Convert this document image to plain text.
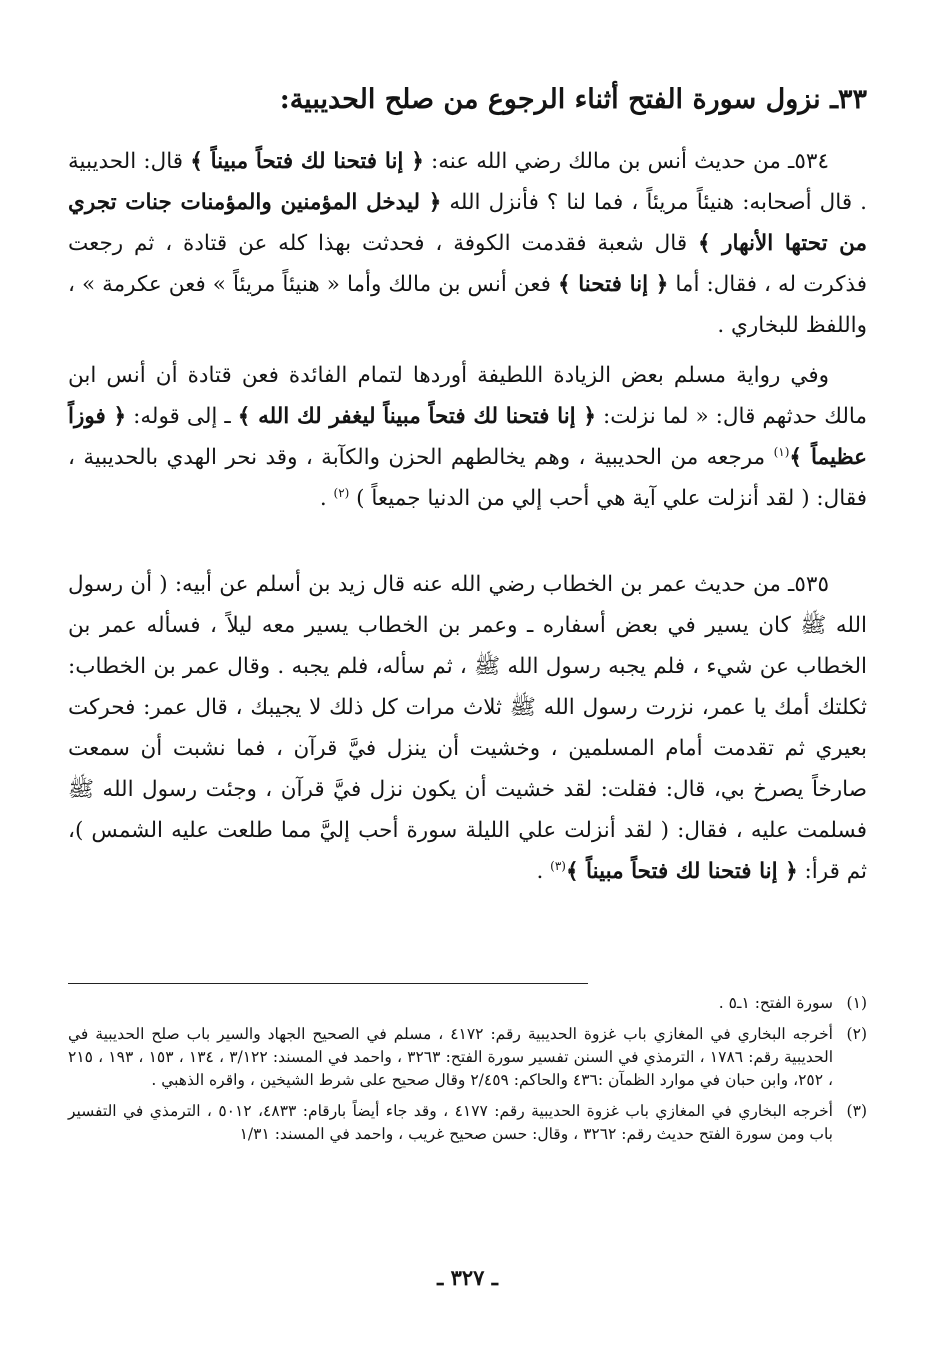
٣٣ـ نزول سورة الفتح أثناء الرجوع من صلح الحديبية:

٥٣٤ـ من حديث أنس بن مالك رضي الله عنه: ﴿ إنا فتحنا لك فتحاً مبيناً ﴾ قال: الحديبية . قال أصحابه: هنيئاً مريئاً ، فما لنا ؟ فأنزل الله ﴿ ليدخل المؤمنين والمؤمنات جنات تجري من تحتها الأنهار ﴾ قال شعبة فقدمت الكوفة ، فحدثت بهذا كله عن قتادة ، ثم رجعت فذكرت له ، فقال: أما ﴿ إنا فتحنا ﴾ فعن أنس بن مالك وأما « هنيئاً مريئاً » فعن عكرمة » ، واللفظ للبخاري .

وفي رواية مسلم بعض الزيادة اللطيفة أوردها لتمام الفائدة فعن قتادة أن أنس ابن مالك حدثهم قال: « لما نزلت: ﴿ إنا فتحنا لك فتحاً مبيناً ليغفر لك الله ﴾ ـ إلى قوله: ﴿ فوزاً عظيماً ﴾$^{(١)}$ مرجعه من الحديبية ، وهم يخالطهم الحزن والكآبة ، وقد نحر الهدي بالحديبية ، فقال: ( لقد أنزلت علي آية هي أحب إلي من الدنيا جميعاً ) $^{(٢)}$ .

٥٣٥ـ من حديث عمر بن الخطاب رضي الله عنه قال زيد بن أسلم عن أبيه: ( أن رسول الله ﷺ كان يسير في بعض أسفاره ـ وعمر بن الخطاب يسير معه ليلاً ، فسأله عمر بن الخطاب عن شيء ، فلم يجبه رسول الله ﷺ ، ثم سأله، فلم يجبه . وقال عمر بن الخطاب: ثكلتك أمك يا عمر، نزرت رسول الله ﷺ ثلاث مرات كل ذلك لا يجيبك ، قال عمر: فحركت بعيري ثم تقدمت أمام المسلمين ، وخشيت أن ينزل فيَّ قرآن ، فما نشبت أن سمعت صارخاً يصرخ بي، قال: فقلت: لقد خشيت أن يكون نزل فيَّ قرآن ، وجئت رسول الله ﷺ فسلمت عليه ، فقال: ( لقد أنزلت علي الليلة سورة أحب إليَّ مما طلعت عليه الشمس )، ثم قرأ: ﴿ إنا فتحنا لك فتحاً مبيناً ﴾$^{(٣)}$ .

(١)
سورة الفتح: ١ـ٥ .
(٢)
أخرجه البخاري في المغازي باب غزوة الحديبية رقم: ٤١٧٢ ، مسلم في الصحيح الجهاد والسير باب صلح الحديبية في الحديبية رقم: ١٧٨٦ ، الترمذي في السنن تفسير سورة الفتح: ٣٢٦٣ ، واحمد في المسند: ٣/١٢٢ ، ١٣٤ ، ١٥٣ ، ١٩٣ ، ٢١٥ ، ٢٥٢، وابن حبان في موارد الظمآن :٤٣٦ والحاكم: ٢/٤٥٩ وقال صحيح على شرط الشيخين ، واقره الذهبي .
(٣)
أخرجه البخاري في المغازي باب غزوة الحديبية رقم: ٤١٧٧ ، وقد جاء أيضاً بارقام: ٤٨٣٣، ٥٠١٢ ، الترمذي في التفسير باب ومن سورة الفتح حديث رقم: ٣٢٦٢ ، وقال: حسن صحيح غريب ، واحمد في المسند: ١/٣١
ـ ٣٢٧ ـ
